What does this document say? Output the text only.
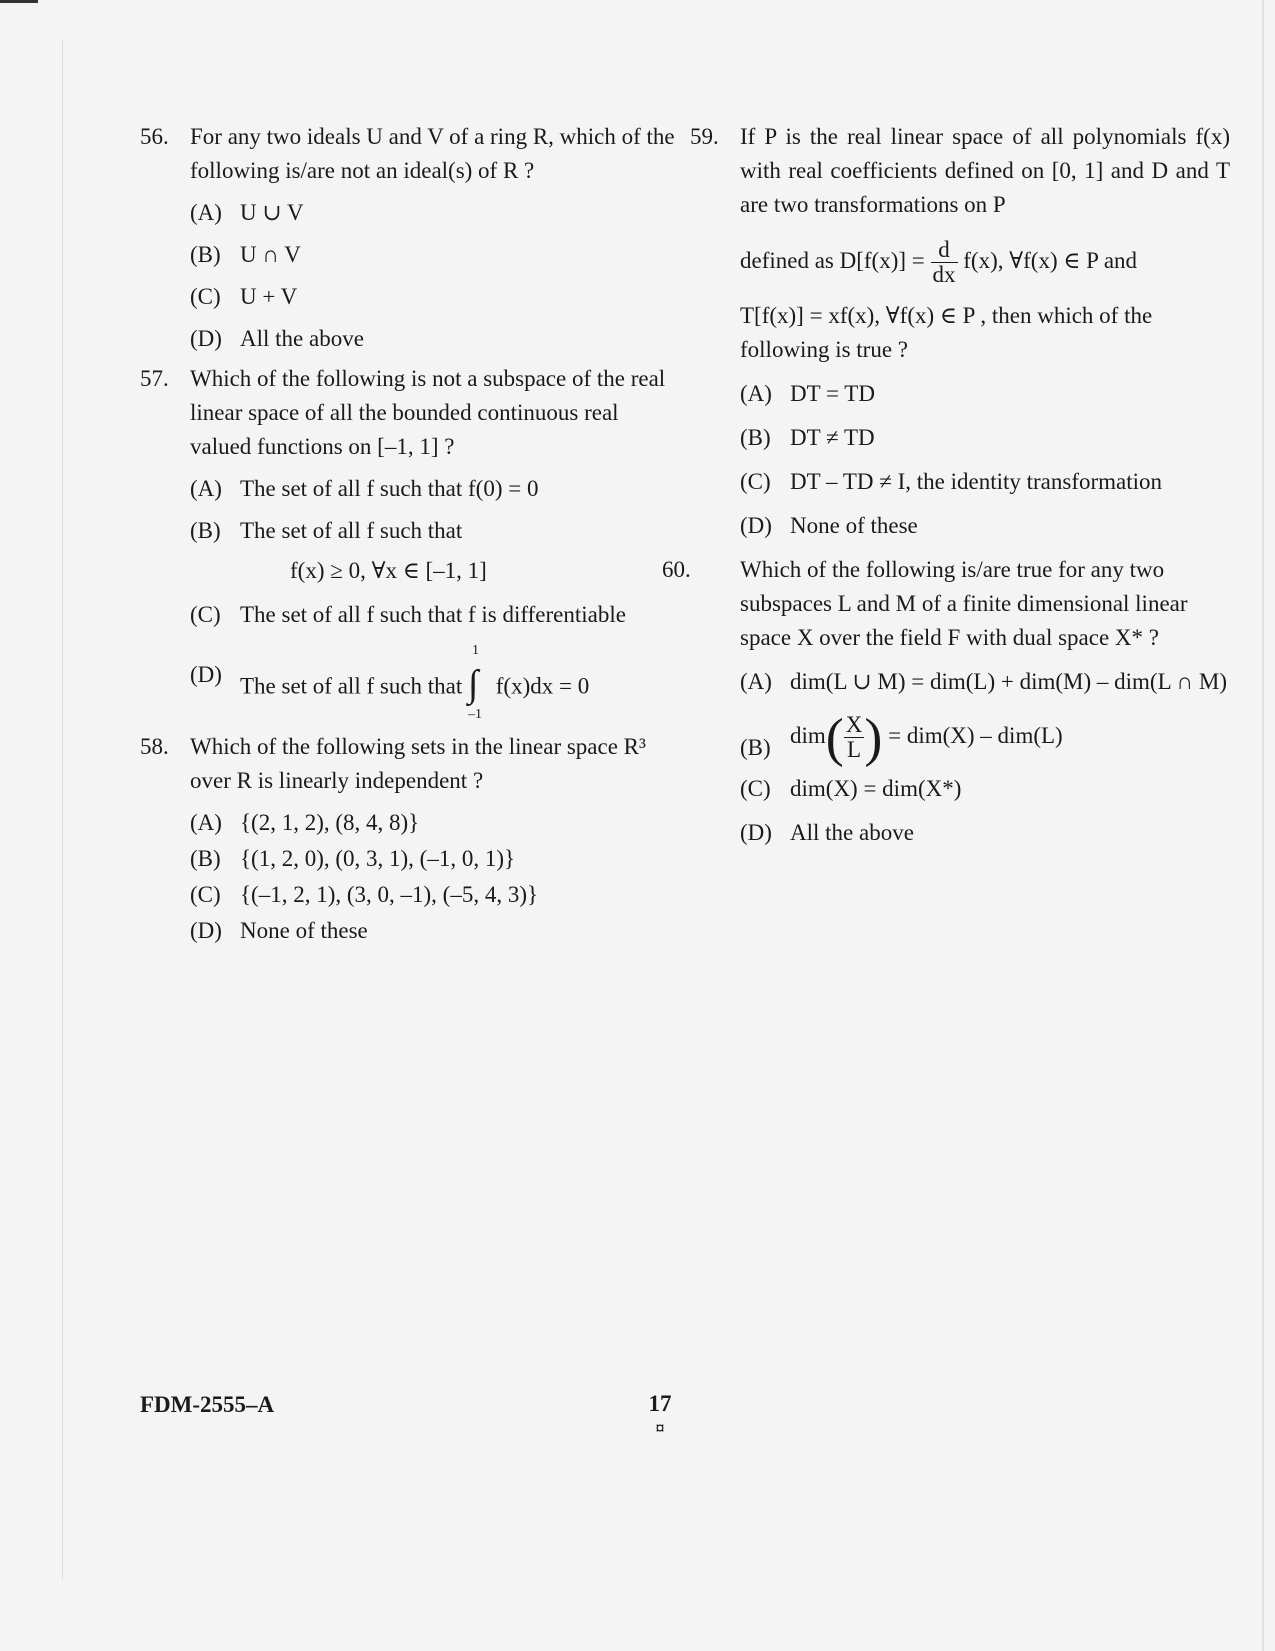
56. For any two ideals U and V of a ring R, which of the following is/are not an ideal(s) of R ?

(A) U ∪ V
(B) U ∩ V
(C) U + V
(D) All the above
57. Which of the following is not a subspace of the real linear space of all the bounded continuous real valued functions on [–1, 1] ?

(A) The set of all f such that f(0) = 0
(B) The set of all f such that
f(x) ≥ 0, ∀x ∈ [–1, 1]
(C) The set of all f such that f is differentiable
(D) The set of all f such that
1
∫
–1
f(x)dx = 0
58. Which of the following sets in the linear space R³ over R is linearly independent ?

(A) {(2, 1, 2), (8, 4, 8)}
(B) {(1, 2, 0), (0, 3, 1), (–1, 0, 1)}
(C) {(–1, 2, 1), (3, 0, –1), (–5, 4, 3)}
(D) None of these
59. If P is the real linear space of all polynomials f(x) with real coefficients defined on [0, 1] and D and T are two transformations on P

defined as $D[f(x)] = \frac{d}{dx} f(x)$, ∀f(x) ∈ P and

T[f(x)] = xf(x), ∀f(x) ∈ P , then which of the following is true ?

(A) DT = TD
(B) DT ≠ TD
(C) DT – TD ≠ I, the identity transformation
(D) None of these
60.	Which of the following is/are true for any two subspaces L and M of a finite dimensional linear space X over the field F with dual space X* ?

(A) dim(L ∪ M) = dim(L) + dim(M) – dim(L ∩ M)
(B) $dim( \frac{X}{L}$ ) = dim(X) – dim(L)
(C) dim(X) = dim(X*)
(D) All the above
FDM-2555–A	17
¤
